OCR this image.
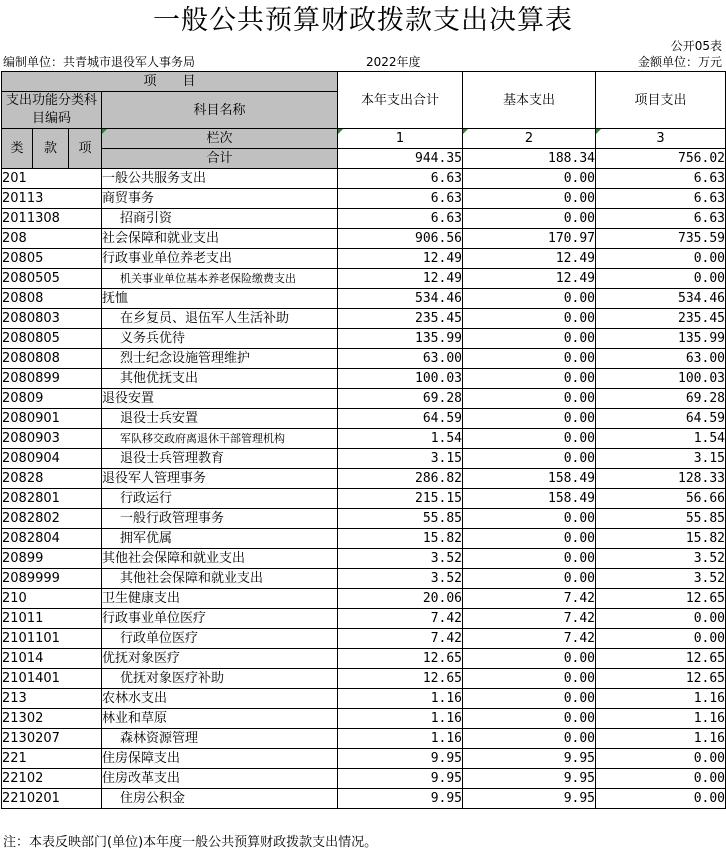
一般公共预算财政拨款支出决算表
公开05表
编制单位：共青城市退役军人事务局	2022年度	金额单位：万元
项　　目				本年支出合计	基本支出	项目支出
支出功能分类科目编码			科目名称			

类	款	项	栏次	1	2	3
			合计	944.35	188.34	756.02
201			一般公共服务支出	6.63	0.00	6.63
20113			商贸事务	6.63	0.00	6.63
2011308			招商引资	6.63	0.00	6.63
208			社会保障和就业支出	906.56	170.97	735.59
20805			行政事业单位养老支出	12.49	12.49	0.00
2080505			机关事业单位基本养老保险缴费支出	12.49	12.49	0.00
20808			抚恤	534.46	0.00	534.46
2080803			在乡复员、退伍军人生活补助	235.45	0.00	235.45
2080805			义务兵优待	135.99	0.00	135.99
2080808			烈士纪念设施管理维护	63.00	0.00	63.00
2080899			其他优抚支出	100.03	0.00	100.03
20809			退役安置	69.28	0.00	69.28
2080901			退役士兵安置	64.59	0.00	64.59
2080903			军队移交政府离退休干部管理机构	1.54	0.00	1.54
2080904			退役士兵管理教育	3.15	0.00	3.15
20828			退役军人管理事务	286.82	158.49	128.33
2082801			行政运行	215.15	158.49	56.66
2082802			一般行政管理事务	55.85	0.00	55.85
2082804			拥军优属	15.82	0.00	15.82
20899			其他社会保障和就业支出	3.52	0.00	3.52
2089999			其他社会保障和就业支出	3.52	0.00	3.52
210			卫生健康支出	20.06	7.42	12.65
21011			行政事业单位医疗	7.42	7.42	0.00
2101101			行政单位医疗	7.42	7.42	0.00
21014			优抚对象医疗	12.65	0.00	12.65
2101401			优抚对象医疗补助	12.65	0.00	12.65
213			农林水支出	1.16	0.00	1.16
21302			林业和草原	1.16	0.00	1.16
2130207			森林资源管理	1.16	0.00	1.16
221			住房保障支出	9.95	9.95	0.00
22102			住房改革支出	9.95	9.95	0.00
2210201			住房公积金	9.95	9.95	0.00
注：本表反映部门(单位)本年度一般公共预算财政拨款支出情况。
